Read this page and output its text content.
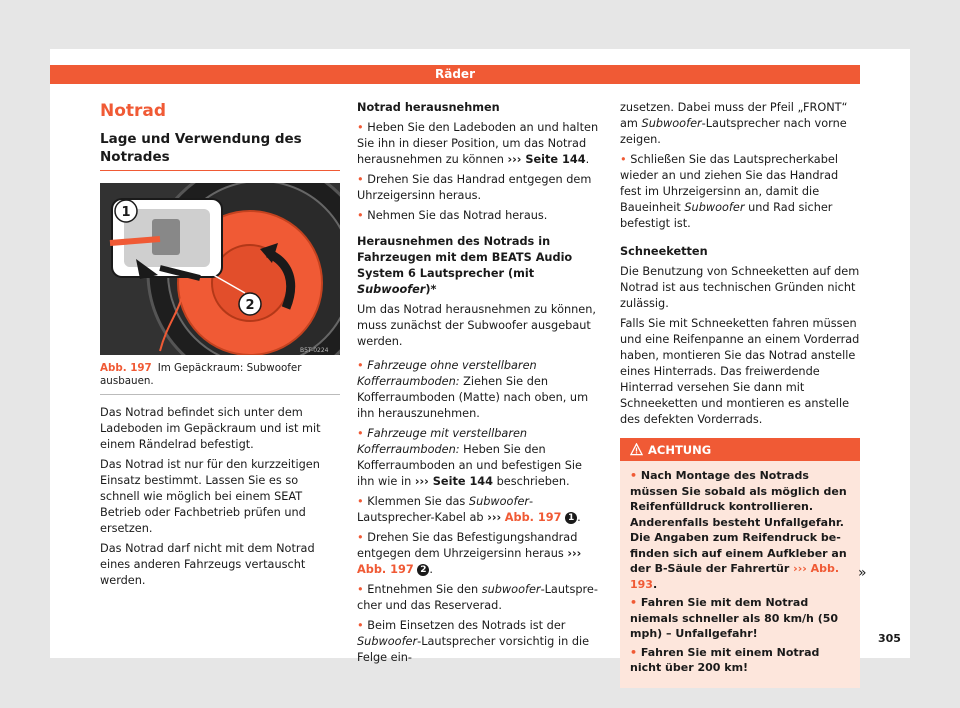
Räder
Notrad
Lage und Verwendung des Notrades
B5T-0224
1
2
Abb. 197 Im Gepäckraum: Subwoofer ausbauen.

Das Notrad befindet sich unter dem Ladeboden im Gepäckraum und ist mit einem Rändelrad befestigt.

Das Notrad ist nur für den kurzzeitigen Einsatz bestimmt. Lassen Sie es so schnell wie möglich bei einem SEAT Betrieb oder Fachbetrieb prüfen und ersetzen.

Das Notrad darf nicht mit dem Notrad eines anderen Fahrzeugs vertauscht werden.

Notrad herausnehmen

• Heben Sie den Ladeboden an und halten Sie ihn in dieser Position, um das Notrad herausnehmen zu können ››› Seite 144.

• Drehen Sie das Handrad entgegen dem Uhrzeigersinn heraus.

• Nehmen Sie das Notrad heraus.

Herausnehmen des Notrads in Fahrzeugen mit dem BEATS Audio System 6 Lautsprecher (mit Subwoofer)*

Um das Notrad herausnehmen zu können, muss zunächst der Subwoofer ausgebaut werden.

• Fahrzeuge ohne verstellbaren Kofferraumboden: Ziehen Sie den Kofferraumboden (Matte) nach oben, um ihn herauszunehmen.

• Fahrzeuge mit verstellbaren Kofferraumboden: Heben Sie den Kofferraumboden an und befestigen Sie ihn wie in ››› Seite 144 beschrieben.

• Klemmen Sie das Subwoofer-Lautsprecher-Kabel ab ››› Abb. 197 1 .

• Drehen Sie das Befestigungshandrad entgegen dem Uhrzeigersinn heraus ››› Abb. 197 2 .

• Entnehmen Sie den subwoofer-Lautsprecher und das Reserverad.

• Beim Einsetzen des Notrads ist der Subwoofer-Lautsprecher vorsichtig in die Felge ein-

zusetzen. Dabei muss der Pfeil „FRONT“ am Subwoofer-Lautsprecher nach vorne zeigen.

• Schließen Sie das Lautsprecherkabel wieder an und ziehen Sie das Handrad fest im Uhrzeigersinn an, damit die Baueinheit Subwoofer und Rad sicher befestigt ist.

Schneeketten

Die Benutzung von Schneeketten auf dem Notrad ist aus technischen Gründen nicht zulässig.

Falls Sie mit Schneeketten fahren müssen und eine Reifenpanne an einem Vorderrad haben, montieren Sie das Notrad anstelle eines Hinterrads. Das freiwerdende Hinterrad versehen Sie dann mit Schneeketten und montieren es anstelle des defekten Vorderrads.

ACHTUNG

• Nach Montage des Notrads müssen Sie sobald als möglich den Reifenfülldruck kontrollieren. Anderenfalls besteht Unfallgefahr. Die Angaben zum Reifendruck befinden sich auf einem Aufkleber an der B-Säule der Fahrertür ››› Abb. 193.

• Fahren Sie mit dem Notrad niemals schneller als 80 km/h (50 mph) – Unfallgefahr!

• Fahren Sie mit einem Notrad nicht über 200 km!

»
305
